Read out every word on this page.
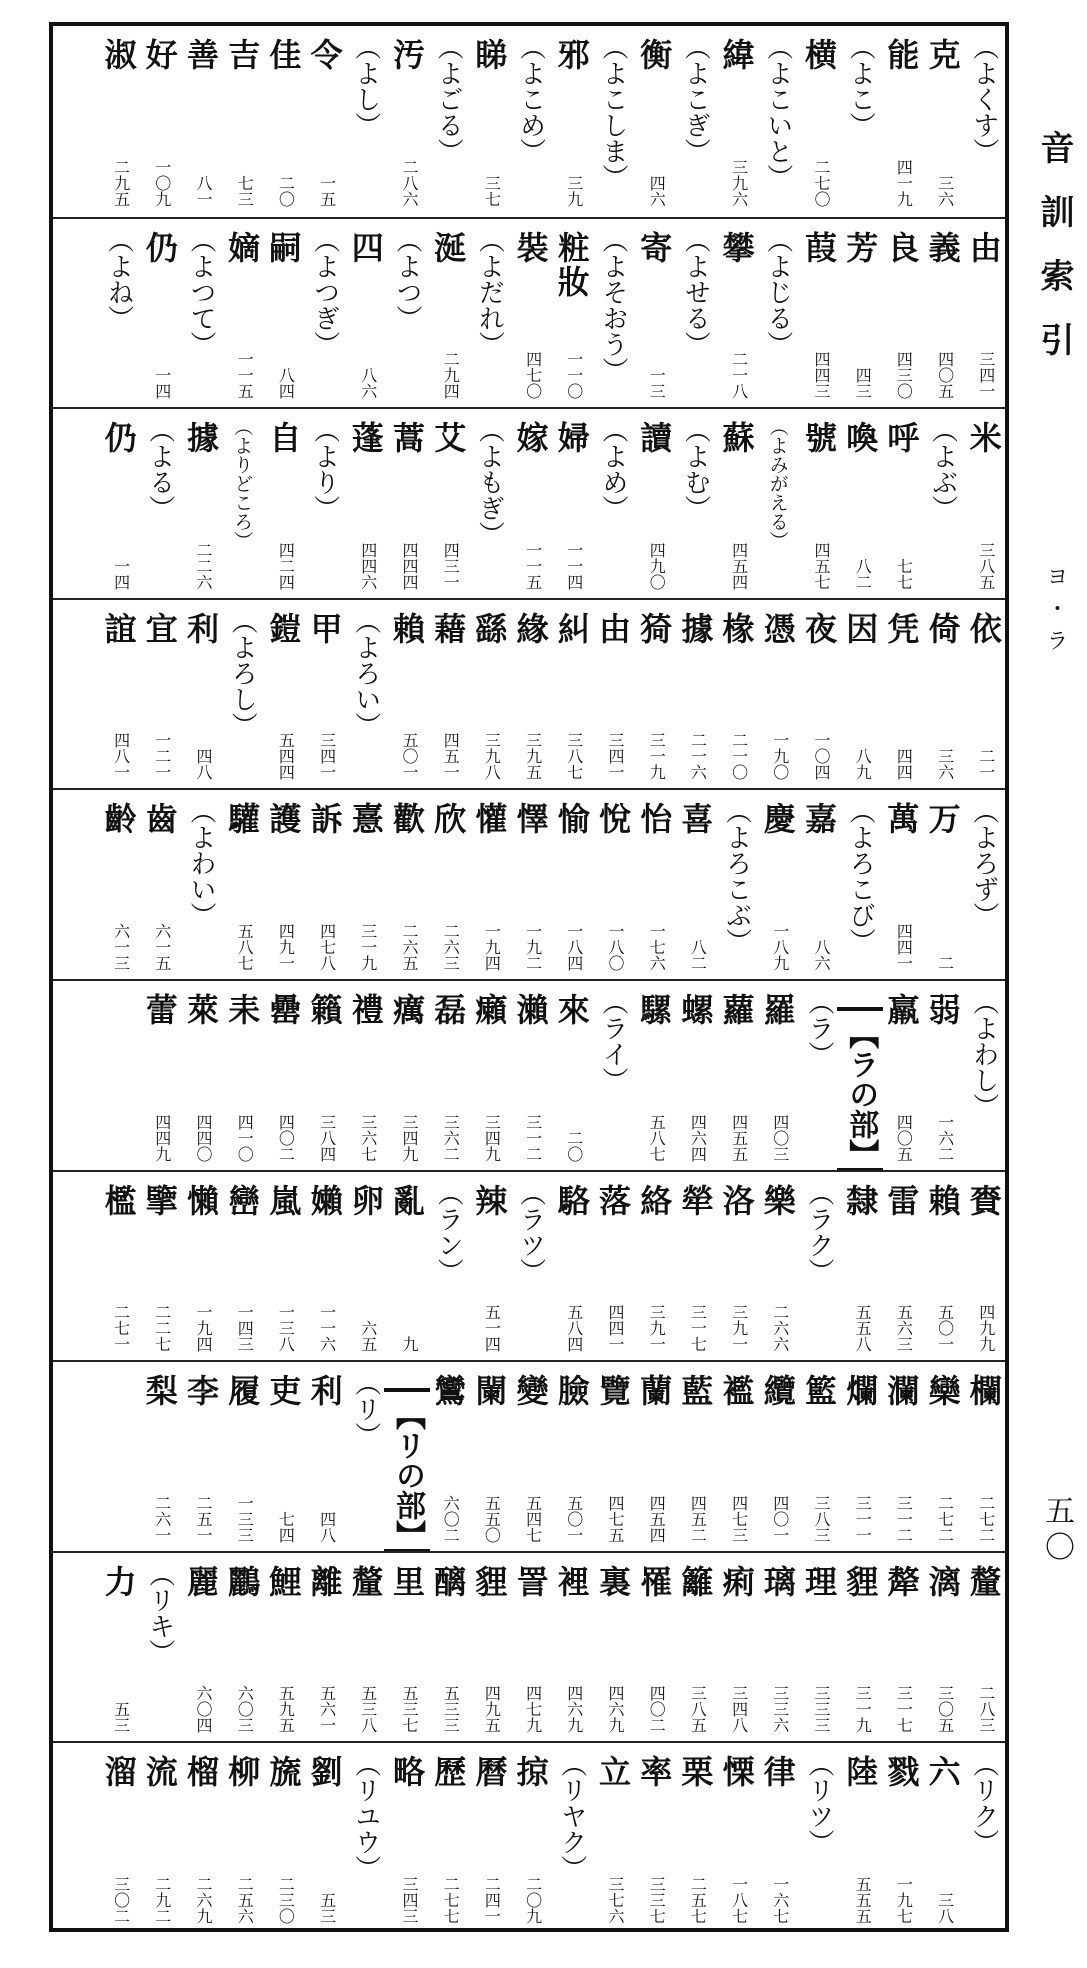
音訓索引
ヨ・ラ
五〇
（よくす）
克
三六
能
四一九
（よこ）
横
二七〇
（よこいと）
緯
三九六
（よこぎ）
衡
四六
（よこしま）
邪
三九
（よこめ）
睇
三七
（よごる）
汚
二八六
（よし）
令
一五
佳
二〇
吉
七三
善
八一
好
一〇九
淑
二九五
由
三四一
義
四〇五
良
四三〇
芳
四三
葭
四四三
（よじる）
攀
二一八
（よせる）
寄
一三
（よそおう）
粧妝
一一〇
裝
四七〇
（よだれ）
涎
二九四
（よつ）
四
八六
（よつぎ）
嗣
八四
嫡
一一五
（よつて）
仍
一四
（よね）
米
三八五
（よぶ）
呼
七七
喚
八二
號
四五七
（よみがえる）
蘇
四五四
（よむ）
讀
四九〇
（よめ）
婦
一一四
嫁
一一五
（よもぎ）
艾
四三一
蒿
四四四
蓬
四四六
（より）
自
四二四
（よりどころ）
據
二二六
（よる）
仍
一四
依
二一
倚
三六
凭
四四
因
八九
夜
一〇四
憑
一九〇
椽
二一〇
據
二一六
猗
三一九
由
三四一
糾
三八七
緣
三九五
繇
三九八
藉
四五一
賴
五〇一
（よろい）
甲
三四一
鎧
五四四
（よろし）
利
四八
宜
一二一
誼
四八一
（よろず）
万
二
萬
四四一
（よろこび）
嘉
八六
慶
一八九
（よろこぶ）
喜
八二
怡
一七六
悅
一八〇
愉
一八四
懌
一九二
懽
一九四
欣
二六三
歡
二六五
憙
三一九
訴
四七八
護
四九一
驩
五八七
（よわい）
齒
六一五
齡
六一三
（よわし）
弱
一六二
羸
四〇五
【ラの部】
（ラ）
羅
四〇三
蘿
四五五
螺
四六四
騾
五八七
（ライ）
來
二〇
瀨
三一二
癩
三四九
磊
三六二
癘
三四九
禮
三六七
籟
三八四
罍
四〇二
耒
四一〇
萊
四四〇
蕾
四四九
賚
四九九
賴
五〇一
雷
五六三
隸
五五八
（ラク）
樂
二六六
洛
三九一
犖
三一七
絡
三九一
落
四四一
駱
五八四
（ラツ）
辣
五一四
（ラン）
亂
九
卵
六五
嬾
一一六
嵐
一三八
巒
一四三
懶
一九四
擥
二二七
檻
二七一
欄
二七二
欒
二七二
瀾
三一二
爛
三一一
籃
三八三
纜
四〇一
襤
四七三
藍
四五二
蘭
四五四
覽
四七五
臉
五〇一
變
五四七
闌
五五〇
鸞
六〇二
【リの部】
（リ）
利
四八
吏
七四
履
一三三
李
二五一
梨
二六一
釐
二八三
漓
三〇五
犛
三一七
貍
三一九
理
三三三
璃
三三六
痢
三四八
籬
三八五
罹
四〇二
裏
四六九
裡
四六九
詈
四七九
貍
四九五
醨
五三三
里
五三七
釐
五三八
離
五六一
鯉
五九五
鸝
六〇三
麗
六〇四
（リキ）
力
五三
（リク）
六
三八
戮
一九七
陸
五五五
（リツ）
律
一六七
慄
一八七
栗
二五七
率
三三七
立
三七六
（リヤク）
掠
二〇九
曆
二四一
歷
二七七
略
三四三
（リユウ）
劉
五三
旒
二三〇
柳
二五六
榴
二六九
流
二九二
溜
三〇二
